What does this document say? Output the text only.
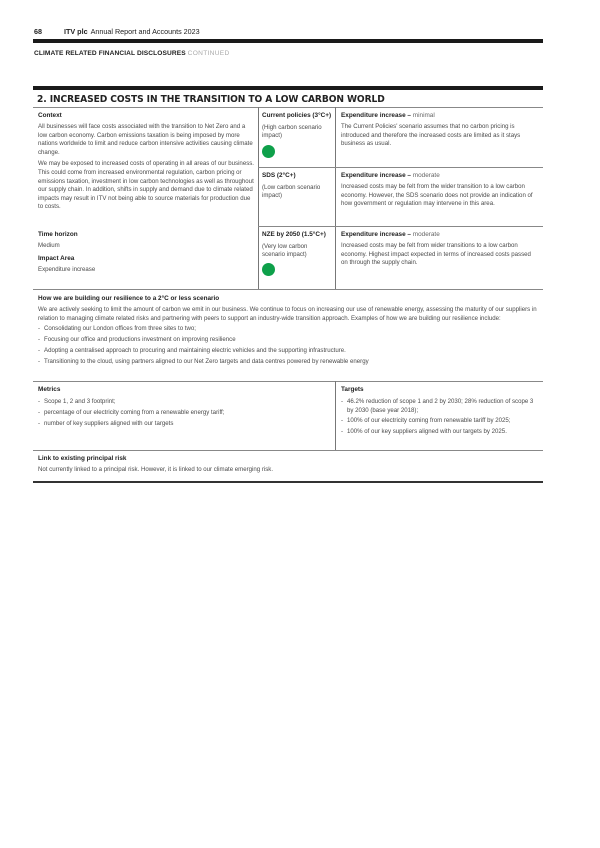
68	ITV plc Annual Report and Accounts 2023
CLIMATE RELATED FINANCIAL DISCLOSURES CONTINUED
2. INCREASED COSTS IN THE TRANSITION TO A LOW CARBON WORLD
Context
All businesses will face costs associated with the transition to Net Zero and a low carbon economy. Carbon emissions taxation is being imposed by more nations worldwide to limit and reduce carbon intensive activities causing climate change.
We may be exposed to increased costs of operating in all areas of our business. This could come from increased environmental regulation, carbon pricing or emissions taxation, investment in low carbon technologies as well as throughout our supply chain. In addition, shifts in supply and demand due to climate related impacts may result in ITV not being able to source materials for production due to costs.
Time horizon
Medium
Impact Area
Expenditure increase
Current policies (3°C+)
(High carbon scenario impact)
Expenditure increase – minimal
The Current Policies' scenario assumes that no carbon pricing is introduced and therefore the increased costs are limited as it stays business as usual.
SDS (2°C+)
(Low carbon scenario impact)
Expenditure increase – moderate
Increased costs may be felt from the wider transition to a low carbon economy. However, the SDS scenario does not provide an indication of how government or regulation may intervene in this area.
NZE by 2050 (1.5°C+)
(Very low carbon scenario impact)
Expenditure increase – moderate
Increased costs may be felt from wider transitions to a low carbon economy. Highest impact expected in terms of increased costs passed on through the supply chain.
How we are building our resilience to a 2°C or less scenario
We are actively seeking to limit the amount of carbon we emit in our business. We continue to focus on increasing our use of renewable energy, assessing the maturity of our suppliers in relation to managing climate related risks and partnering with peers to support an industry-wide transition approach. Examples of how we are building our resilience include:
- Consolidating our London offices from three sites to two;
- Focusing our office and productions investment on improving resilience
- Adopting a centralised approach to procuring and maintaining electric vehicles and the supporting infrastructure.
- Transitioning to the cloud, using partners aligned to our Net Zero targets and data centres powered by renewable energy
Metrics
- Scope 1, 2 and 3 footprint;
- percentage of our electricity coming from a renewable energy tariff;
- number of key suppliers aligned with our targets
Targets
- 46.2% reduction of scope 1 and 2 by 2030; 28% reduction of scope 3 by 2030 (base year 2018);
- 100% of our electricity coming from renewable tariff by 2025;
- 100% of our key suppliers aligned with our targets by 2025.
Link to existing principal risk
Not currently linked to a principal risk. However, it is linked to our climate emerging risk.
